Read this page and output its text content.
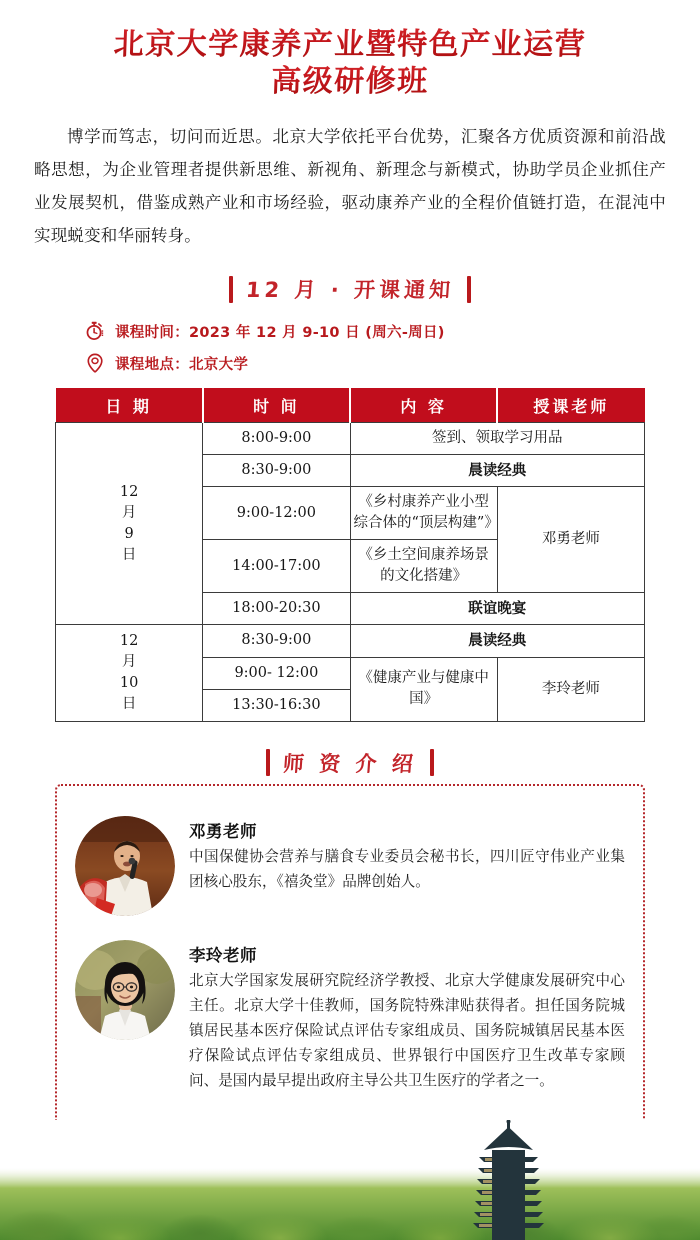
北京大学康养产业暨特色产业运营
高级研修班

博学而笃志，切问而近思。北京大学依托平台优势，汇聚各方优质资源和前沿战略思想，为企业管理者提供新思维、新视角、新理念与新模式，协助学员企业抓住产业发展契机，借鉴成熟产业和市场经验，驱动康养产业的全程价值链打造，在混沌中实现蜕变和华丽转身。

12 月 · 开课通知
课程时间：2023 年 12 月 9-10 日 (周六-周日)
课程地点：北京大学
日 期	时 间	内 容	授课老师

12
月
9
日	8:00-9:00	签到、领取学习用品	
	8:30-9:00	晨读经典	
	9:00-12:00	《乡村康养产业小型
综合体的“顶层构建”》	邓勇老师
	14:00-17:00	《乡土空间康养场景的文化搭建》	
	18:00-20:30	联谊晚宴	

12
月
10
日	8:30-9:00	晨读经典	
	9:00- 12:00	《健康产业与健康中国》	李玲老师
	13:30-16:30		
师 资 介 绍
邓勇老师
中国保健协会营养与膳食专业委员会秘书长，四川匠守伟业产业集团核心股东，《禧灸堂》品牌创始人。
李玲老师
北京大学国家发展研究院经济学教授、北京大学健康发展研究中心主任。北京大学十佳教师，国务院特殊津贴获得者。担任国务院城镇居民基本医疗保险试点评估专家组成员、国务院城镇居民基本医疗保险试点评估专家组成员、世界银行中国医疗卫生改革专家顾问、是国内最早提出政府主导公共卫生医疗的学者之一。
